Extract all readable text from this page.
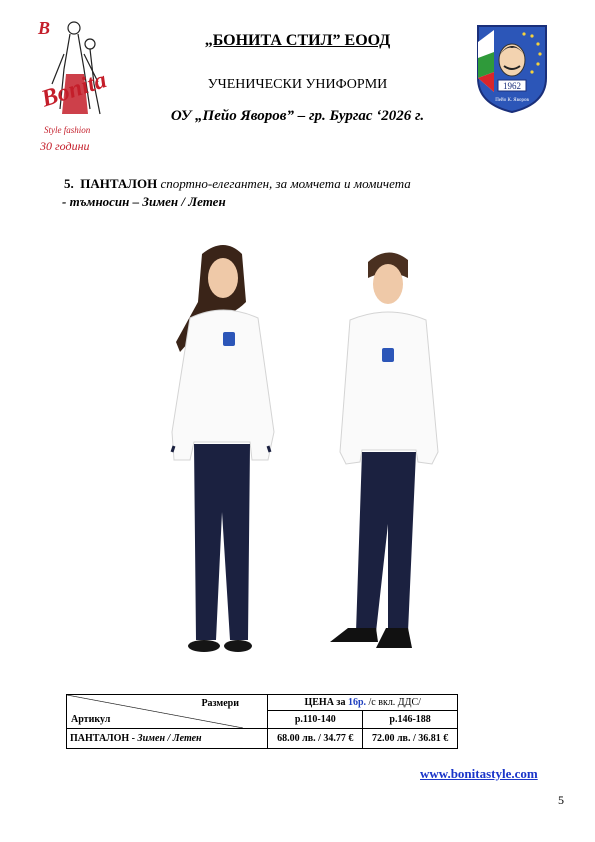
B
Bonita
Style fashion
30 години
1962
Пейо К. Яворов
„БОНИТА СТИЛ” ЕООД
УЧЕНИЧЕСКИ УНИФОРМИ
ОУ „Пейо Яворов” – гр. Бургас ‘2026 г.
5. ПАНТАЛОН спортно-елегантен, за момчета и момичета
- тъмносин – Зимен / Летен
Размери
Артикул	ЦЕНА за 16р. /с вкл. ДДС/	
	р.110-140	р.146-188
ПАНТАЛОН - Зимен / Летен	68.00 лв. / 34.77 €	72.00 лв. / 36.81 €
www.bonitastyle.com
5
